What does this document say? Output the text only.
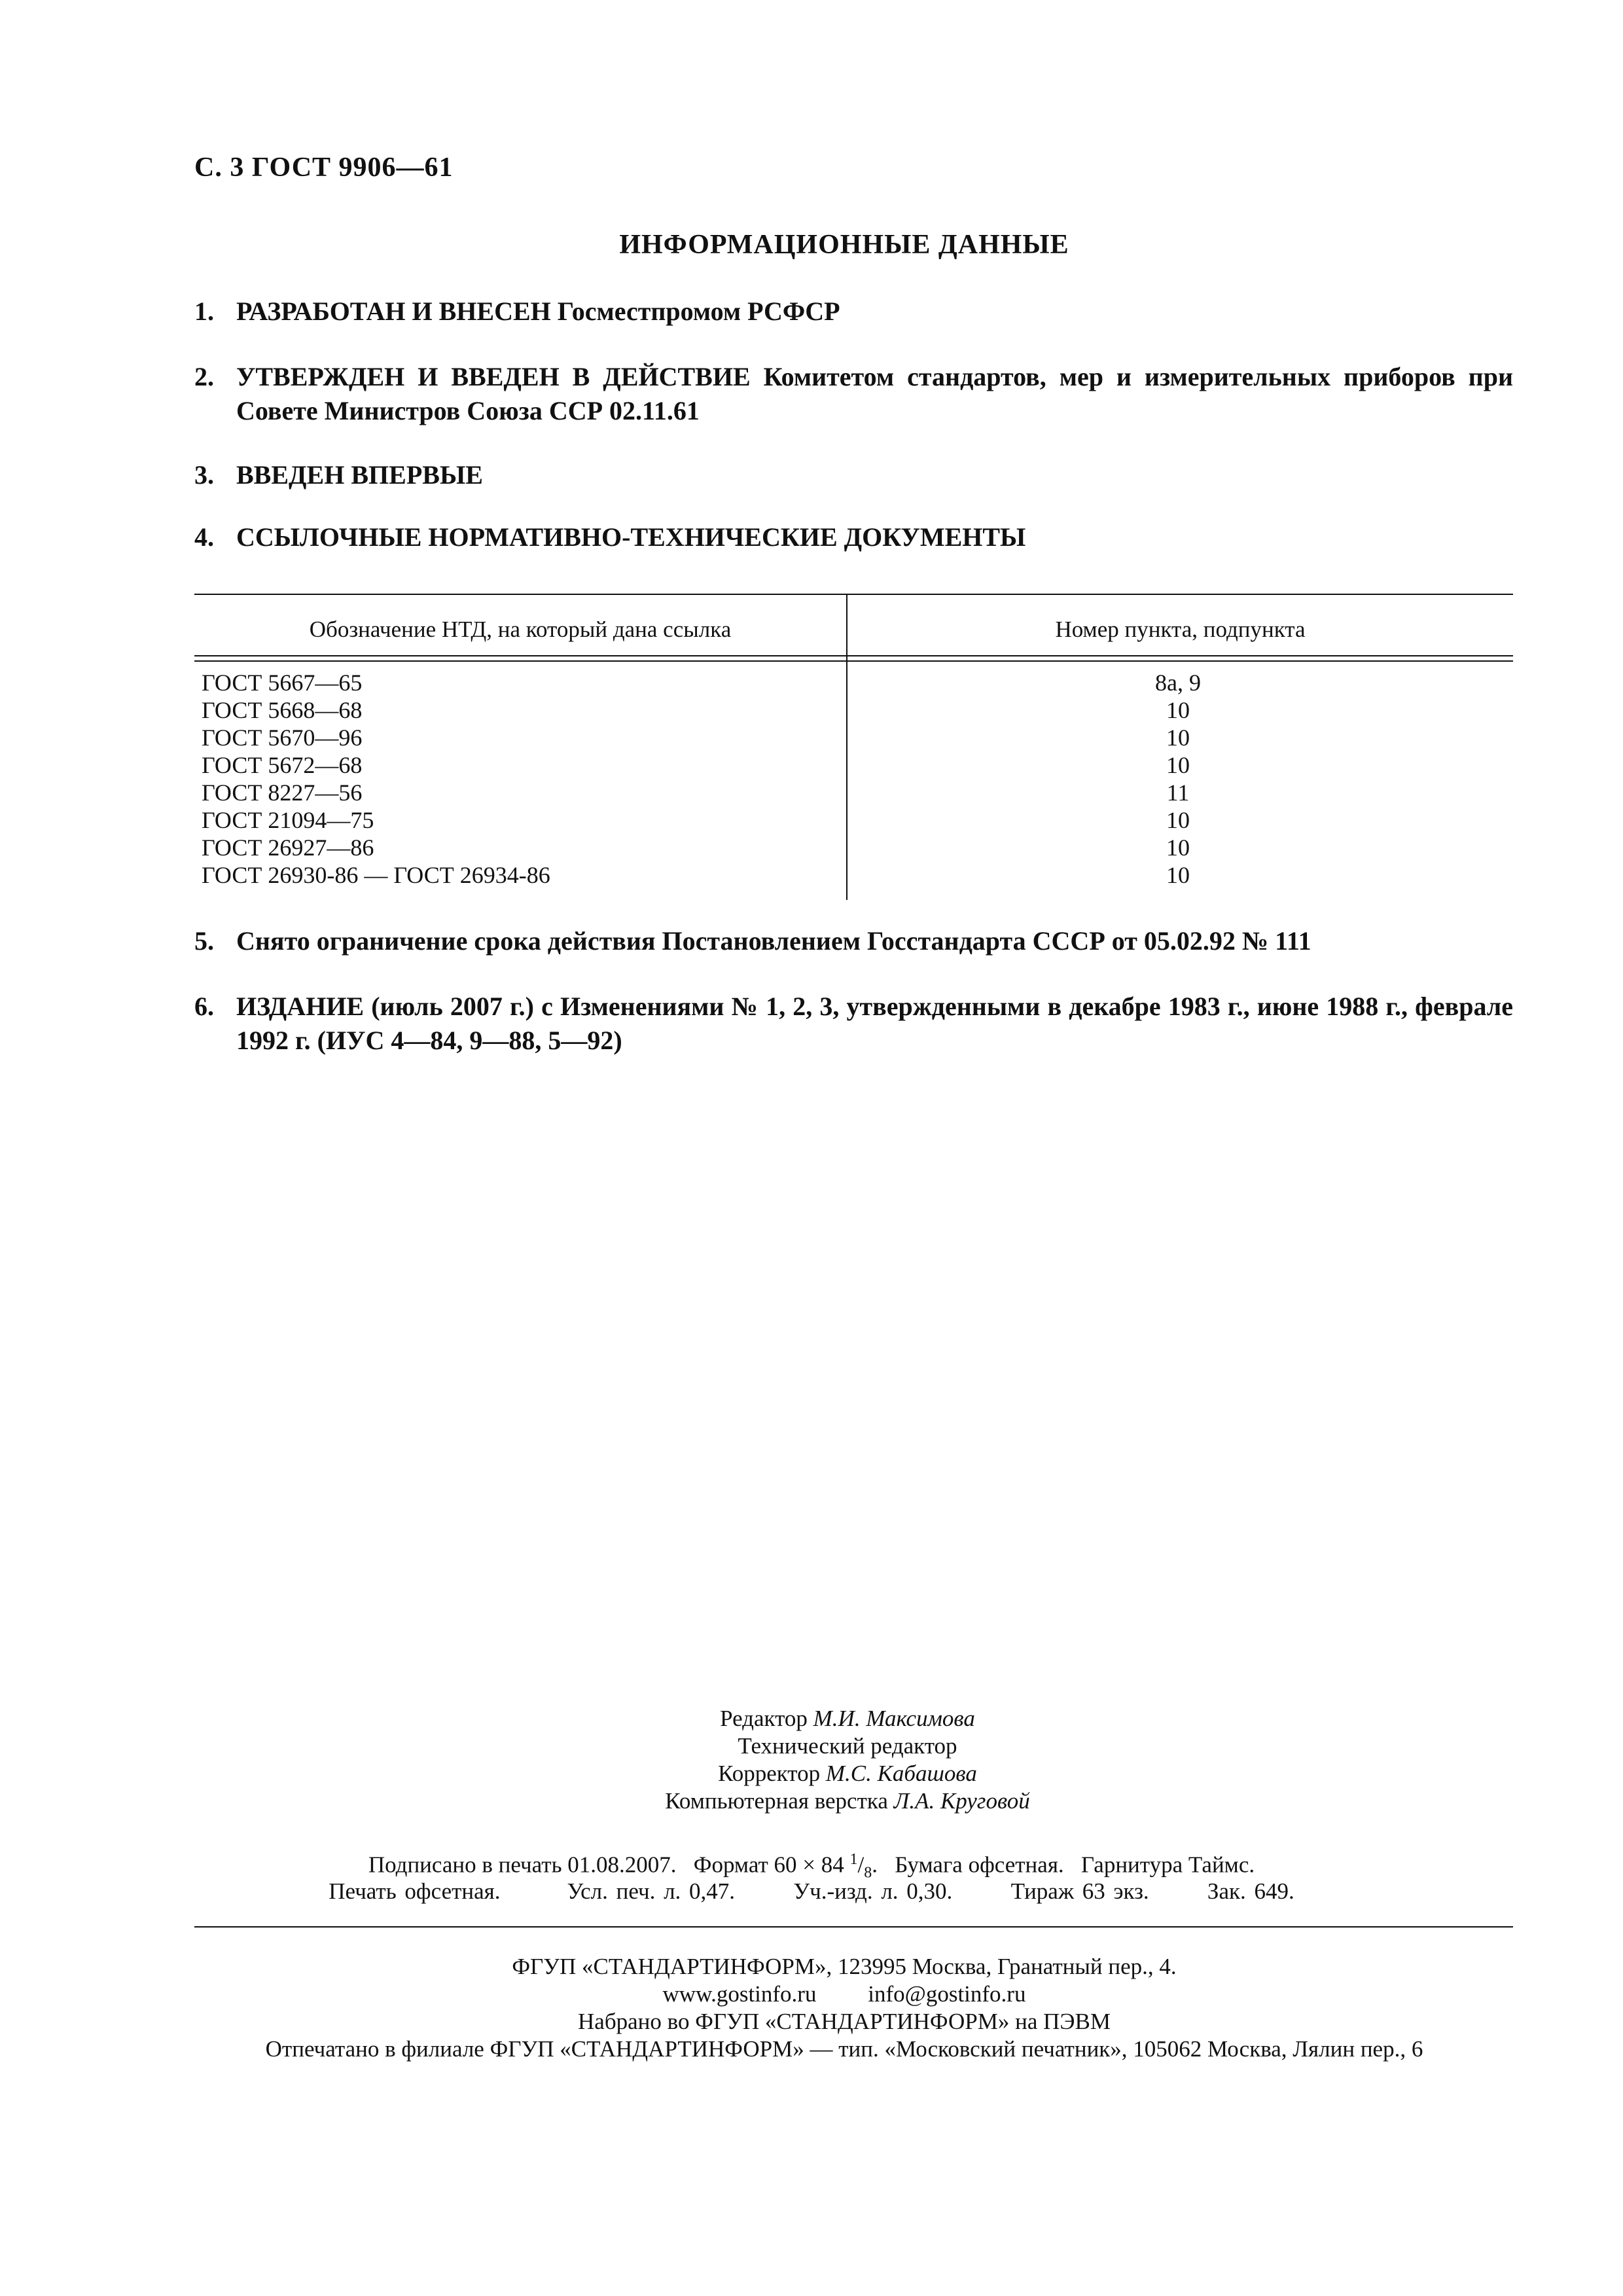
С. 3 ГОСТ 9906—61
ИНФОРМАЦИОННЫЕ ДАННЫЕ
1. РАЗРАБОТАН И ВНЕСЕН Госместпромом РСФСР
2. УТВЕРЖДЕН И ВВЕДЕН В ДЕЙСТВИЕ Комитетом стандартов, мер и измерительных приборов при Совете Министров Союза ССР 02.11.61
3. ВВЕДЕН ВПЕРВЫЕ
4. ССЫЛОЧНЫЕ НОРМАТИВНО-ТЕХНИЧЕСКИЕ ДОКУМЕНТЫ
Обозначение НТД, на который дана ссылка	Номер пункта, подпункта
ГОСТ 5667—65	8а, 9
ГОСТ 5668—68	10
ГОСТ 5670—96	10
ГОСТ 5672—68	10
ГОСТ 8227—56	11
ГОСТ 21094—75	10
ГОСТ 26927—86	10
ГОСТ 26930-86 — ГОСТ 26934-86	10
5. Снято ограничение срока действия Постановлением Госстандарта СССР от 05.02.92 № 111
6. ИЗДАНИЕ (июль 2007 г.) с Изменениями № 1, 2, 3, утвержденными в декабре 1983 г., июне 1988 г., феврале 1992 г. (ИУС 4—84, 9—88, 5—92)
Редактор М.И. Максимова
Технический редактор
Корректор М.С. Кабашова
Компьютерная верстка Л.А. Круговой
Подписано в печать 01.08.2007. Формат 60 × 84 $^1/_8$.   Бумага офсетная. Гарнитура Таймс.
Печать офсетная.	Усл. печ. л. 0,47.	Уч.-изд. л. 0,30.	Тираж 63 экз.	Зак. 649.
ФГУП «СТАНДАРТИНФОРМ», 123995 Москва, Гранатный пер., 4.
www.gostinfo.ru info@gostinfo.ru
Набрано во ФГУП «СТАНДАРТИНФОРМ» на ПЭВМ
Отпечатано в филиале ФГУП «СТАНДАРТИНФОРМ» — тип. «Московский печатник», 105062 Москва, Лялин пер., 6
